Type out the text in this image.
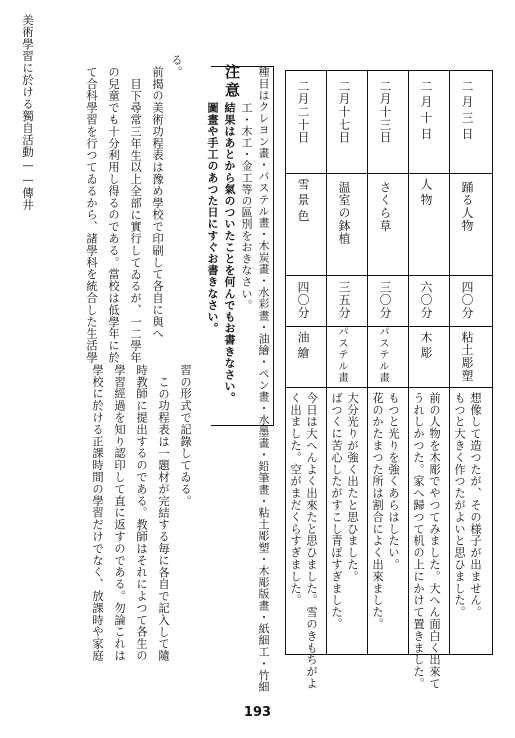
美術學習に於ける獨自活動——傳井	二月三日
踊る人物
四〇分
粘土彫塑
想像して造つたが、その様子が出ません。
もつと大きく作つたがよいと思ひました。
二月十日
人物
六〇分
木彫
前の人物を木彫でやつてみました。大へん面白く出來て
うれしかつた。家へ歸つて机の上にかけて置きました。
二月十三日
さくら草
三〇分
パステル畫
もつと光りを強くあらはしたい。
花のかたまつた所は割合によく出來ました。
二月十七日
温室の鉢植
三五分
パステル畫
大分光りが強く出たと思ひました。
ばつくに苦心したがすこし青ぽすぎました。
二月二十日
雪景色
四〇分
油繪
今日は大へんよく出來たと思ひました。雪のきもちがよ
く出ました。空がまだくらすぎました。
注意 種目はクレヨン畫・パステル畫・木炭畫・水彩畫・油繪・ペン畫・水墨畫・鉛筆畫・粘土彫塑・木彫版畫・紙細工・竹細
工・木工・金工等の區別をおきなさい。
結果はあとから氣のついたことを何んでもお書きなさい。
圖畫や手工のあつた日にすぐお書きなさい。
習の形式で記錄してゐる。
この功程表は一題材が完結する毎に各自で記入して隨
時教師に提出するのである。教師はそれによつて各生の
學習經過を知り認印して直に返すのである。勿論これは
學校に於ける正課時間の學習だけでなく、放課時や家庭
る。
前揭の美術功程表は豫め學校で印刷して各自に與へ
目下尋常三年生以上全部に實行してゐるが、一二學年
の兒童でも十分利用し得るのである。當校は低學年に於
て合科學習を行つてゐるから、諸學科を統合した生活學
193
